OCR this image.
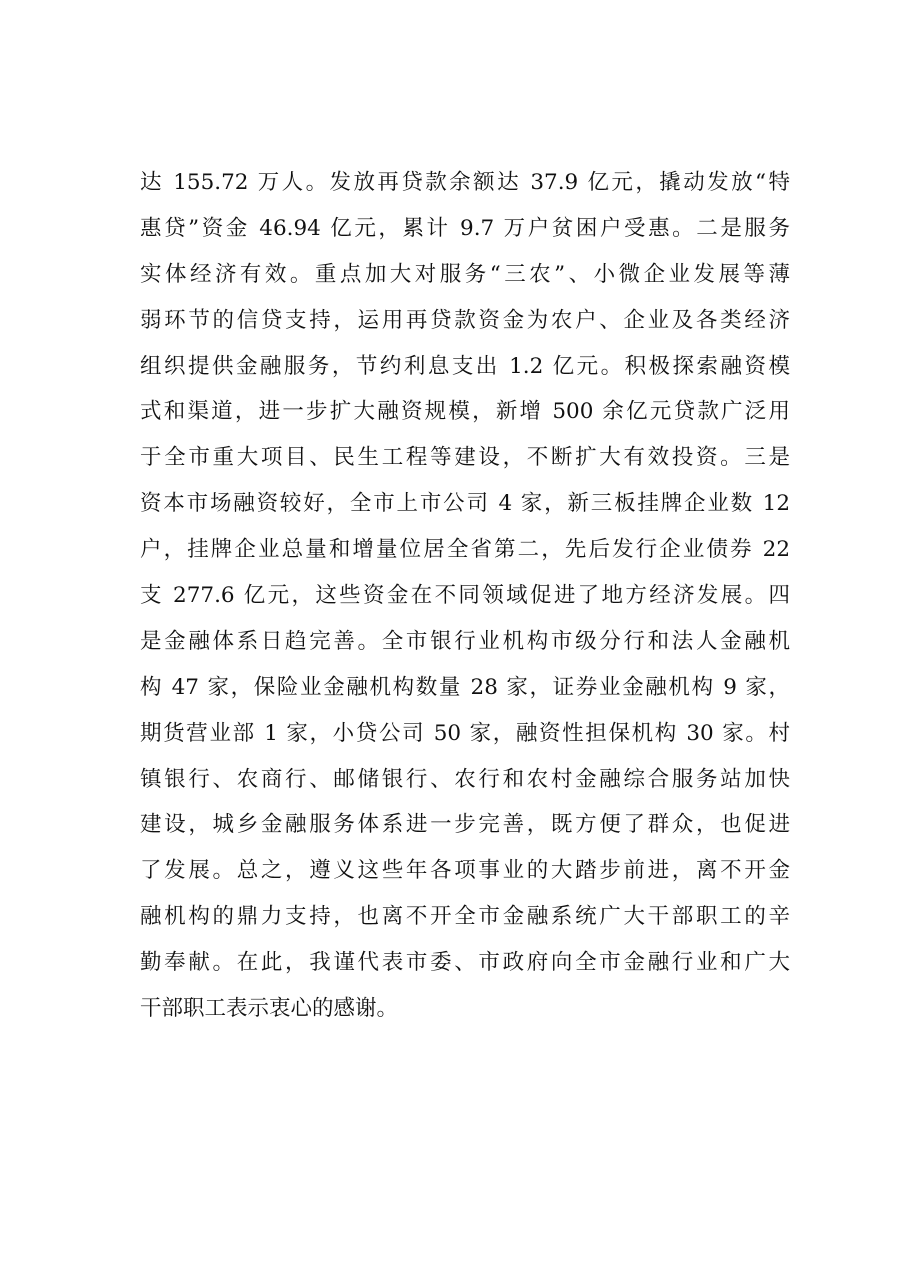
达 155.72 万人。发放再贷款余额达 37.9 亿元，撬动发放“特
惠贷”资金 46.94 亿元，累计 9.7 万户贫困户受惠。二是服务
实体经济有效。重点加大对服务“三农”、小微企业发展等薄
弱环节的信贷支持，运用再贷款资金为农户、企业及各类经济
组织提供金融服务，节约利息支出 1.2 亿元。积极探索融资模
式和渠道，进一步扩大融资规模，新增 500 余亿元贷款广泛用
于全市重大项目、民生工程等建设，不断扩大有效投资。三是
资本市场融资较好，全市上市公司 4 家，新三板挂牌企业数 12
户，挂牌企业总量和增量位居全省第二，先后发行企业债券 22
支 277.6 亿元，这些资金在不同领域促进了地方经济发展。四
是金融体系日趋完善。全市银行业机构市级分行和法人金融机
构 47 家，保险业金融机构数量 28 家，证券业金融机构 9 家，
期货营业部 1 家，小贷公司 50 家，融资性担保机构 30 家。村
镇银行、农商行、邮储银行、农行和农村金融综合服务站加快
建设，城乡金融服务体系进一步完善，既方便了群众，也促进
了发展。总之，遵义这些年各项事业的大踏步前进，离不开金
融机构的鼎力支持，也离不开全市金融系统广大干部职工的辛
勤奉献。在此，我谨代表市委、市政府向全市金融行业和广大
干部职工表示衷心的感谢。
